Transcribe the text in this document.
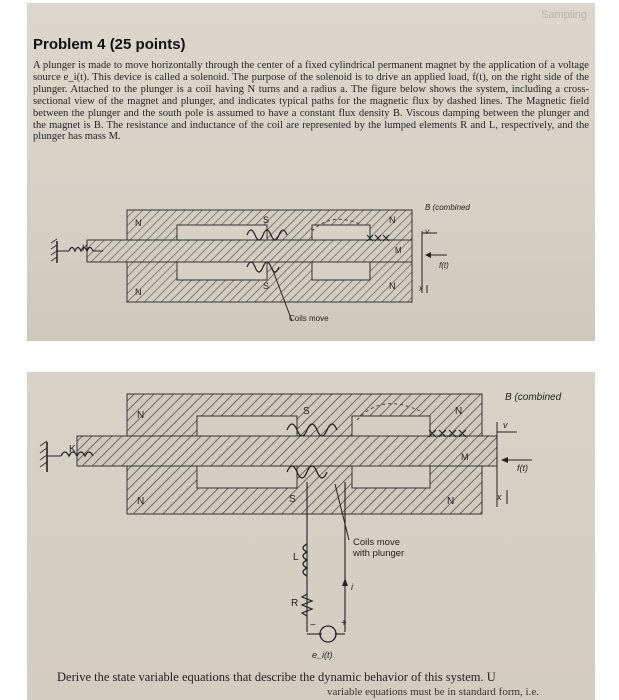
Sampling
Problem 4 (25 points)
A plunger is made to move horizontally through the center of a fixed cylindrical permanent magnet by the application of a voltage source e_i(t). This device is called a solenoid. The purpose of the solenoid is to drive an applied load, f(t), on the right side of the plunger. Attached to the plunger is a coil having N turns and a radius a. The figure below shows the system, including a cross-sectional view of the magnet and plunger, and indicates typical paths for the magnetic flux by dashed lines. The Magnetic field between the plunger and the south pole is assumed to have a constant flux density B. Viscous damping between the plunger and the magnet is B. The resistance and inductance of the coil are represented by the lumped elements R and L, respectively, and the plunger has mass M.
N	S	N
K	M
v
f(t)
x
N
S	N
B (combined
Coils move
N	S	N
K
M
v
f(t)
x
N	S	N
B (combined
Coils move
with plunger
L
R
i
−	+
e_i(t)
Derive the state variable equations that describe the dynamic behavior of this system. U
variable equations must be in standard form, i.e.
